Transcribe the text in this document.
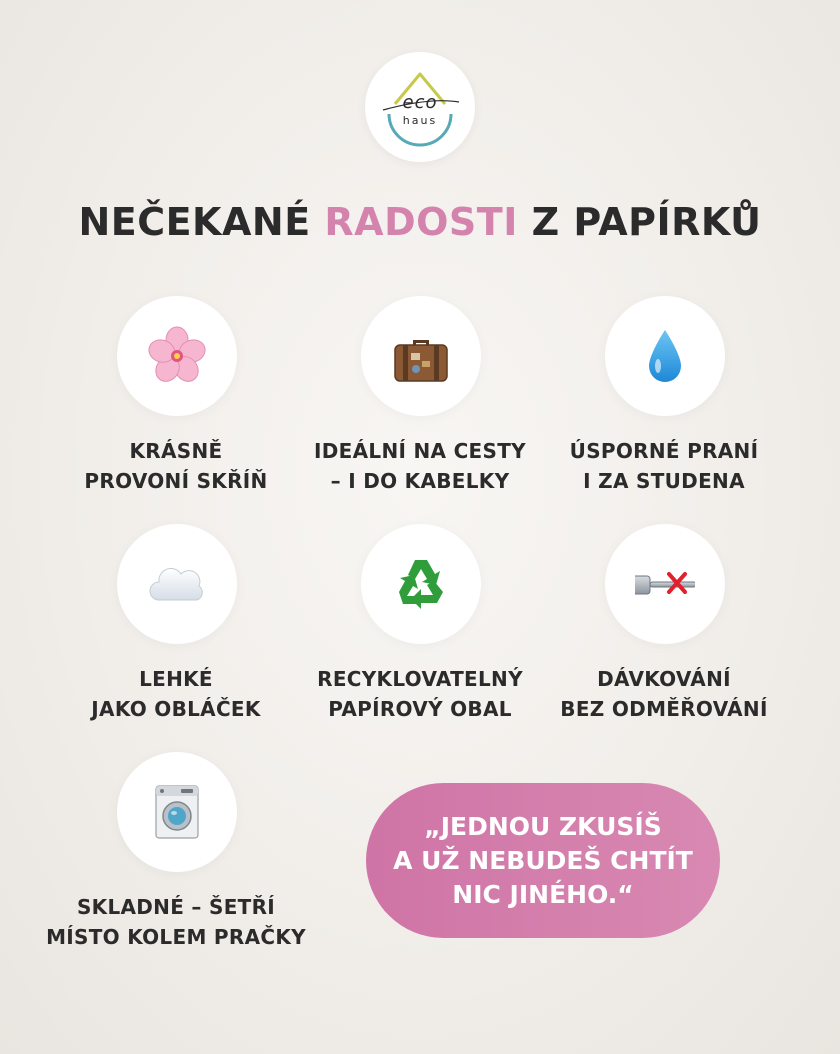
eco
haus
NEČEKANÉ RADOSTI Z PAPÍRKŮ
KRÁSNĚ
PROVONÍ SKŘÍŇ
IDEÁLNÍ NA CESTY
– I DO KABELKY
ÚSPORNÉ PRANÍ
I ZA STUDENA
LEHKÉ
JAKO OBLÁČEK
RECYKLOVATELNÝ
PAPÍROVÝ OBAL
DÁVKOVÁNÍ
BEZ ODMĚŘOVÁNÍ
SKLADNÉ – ŠETŘÍ
MÍSTO KOLEM PRAČKY
„JEDNOU ZKUSÍŠ
A UŽ NEBUDEŠ CHTÍT
NIC JINÉHO.“
